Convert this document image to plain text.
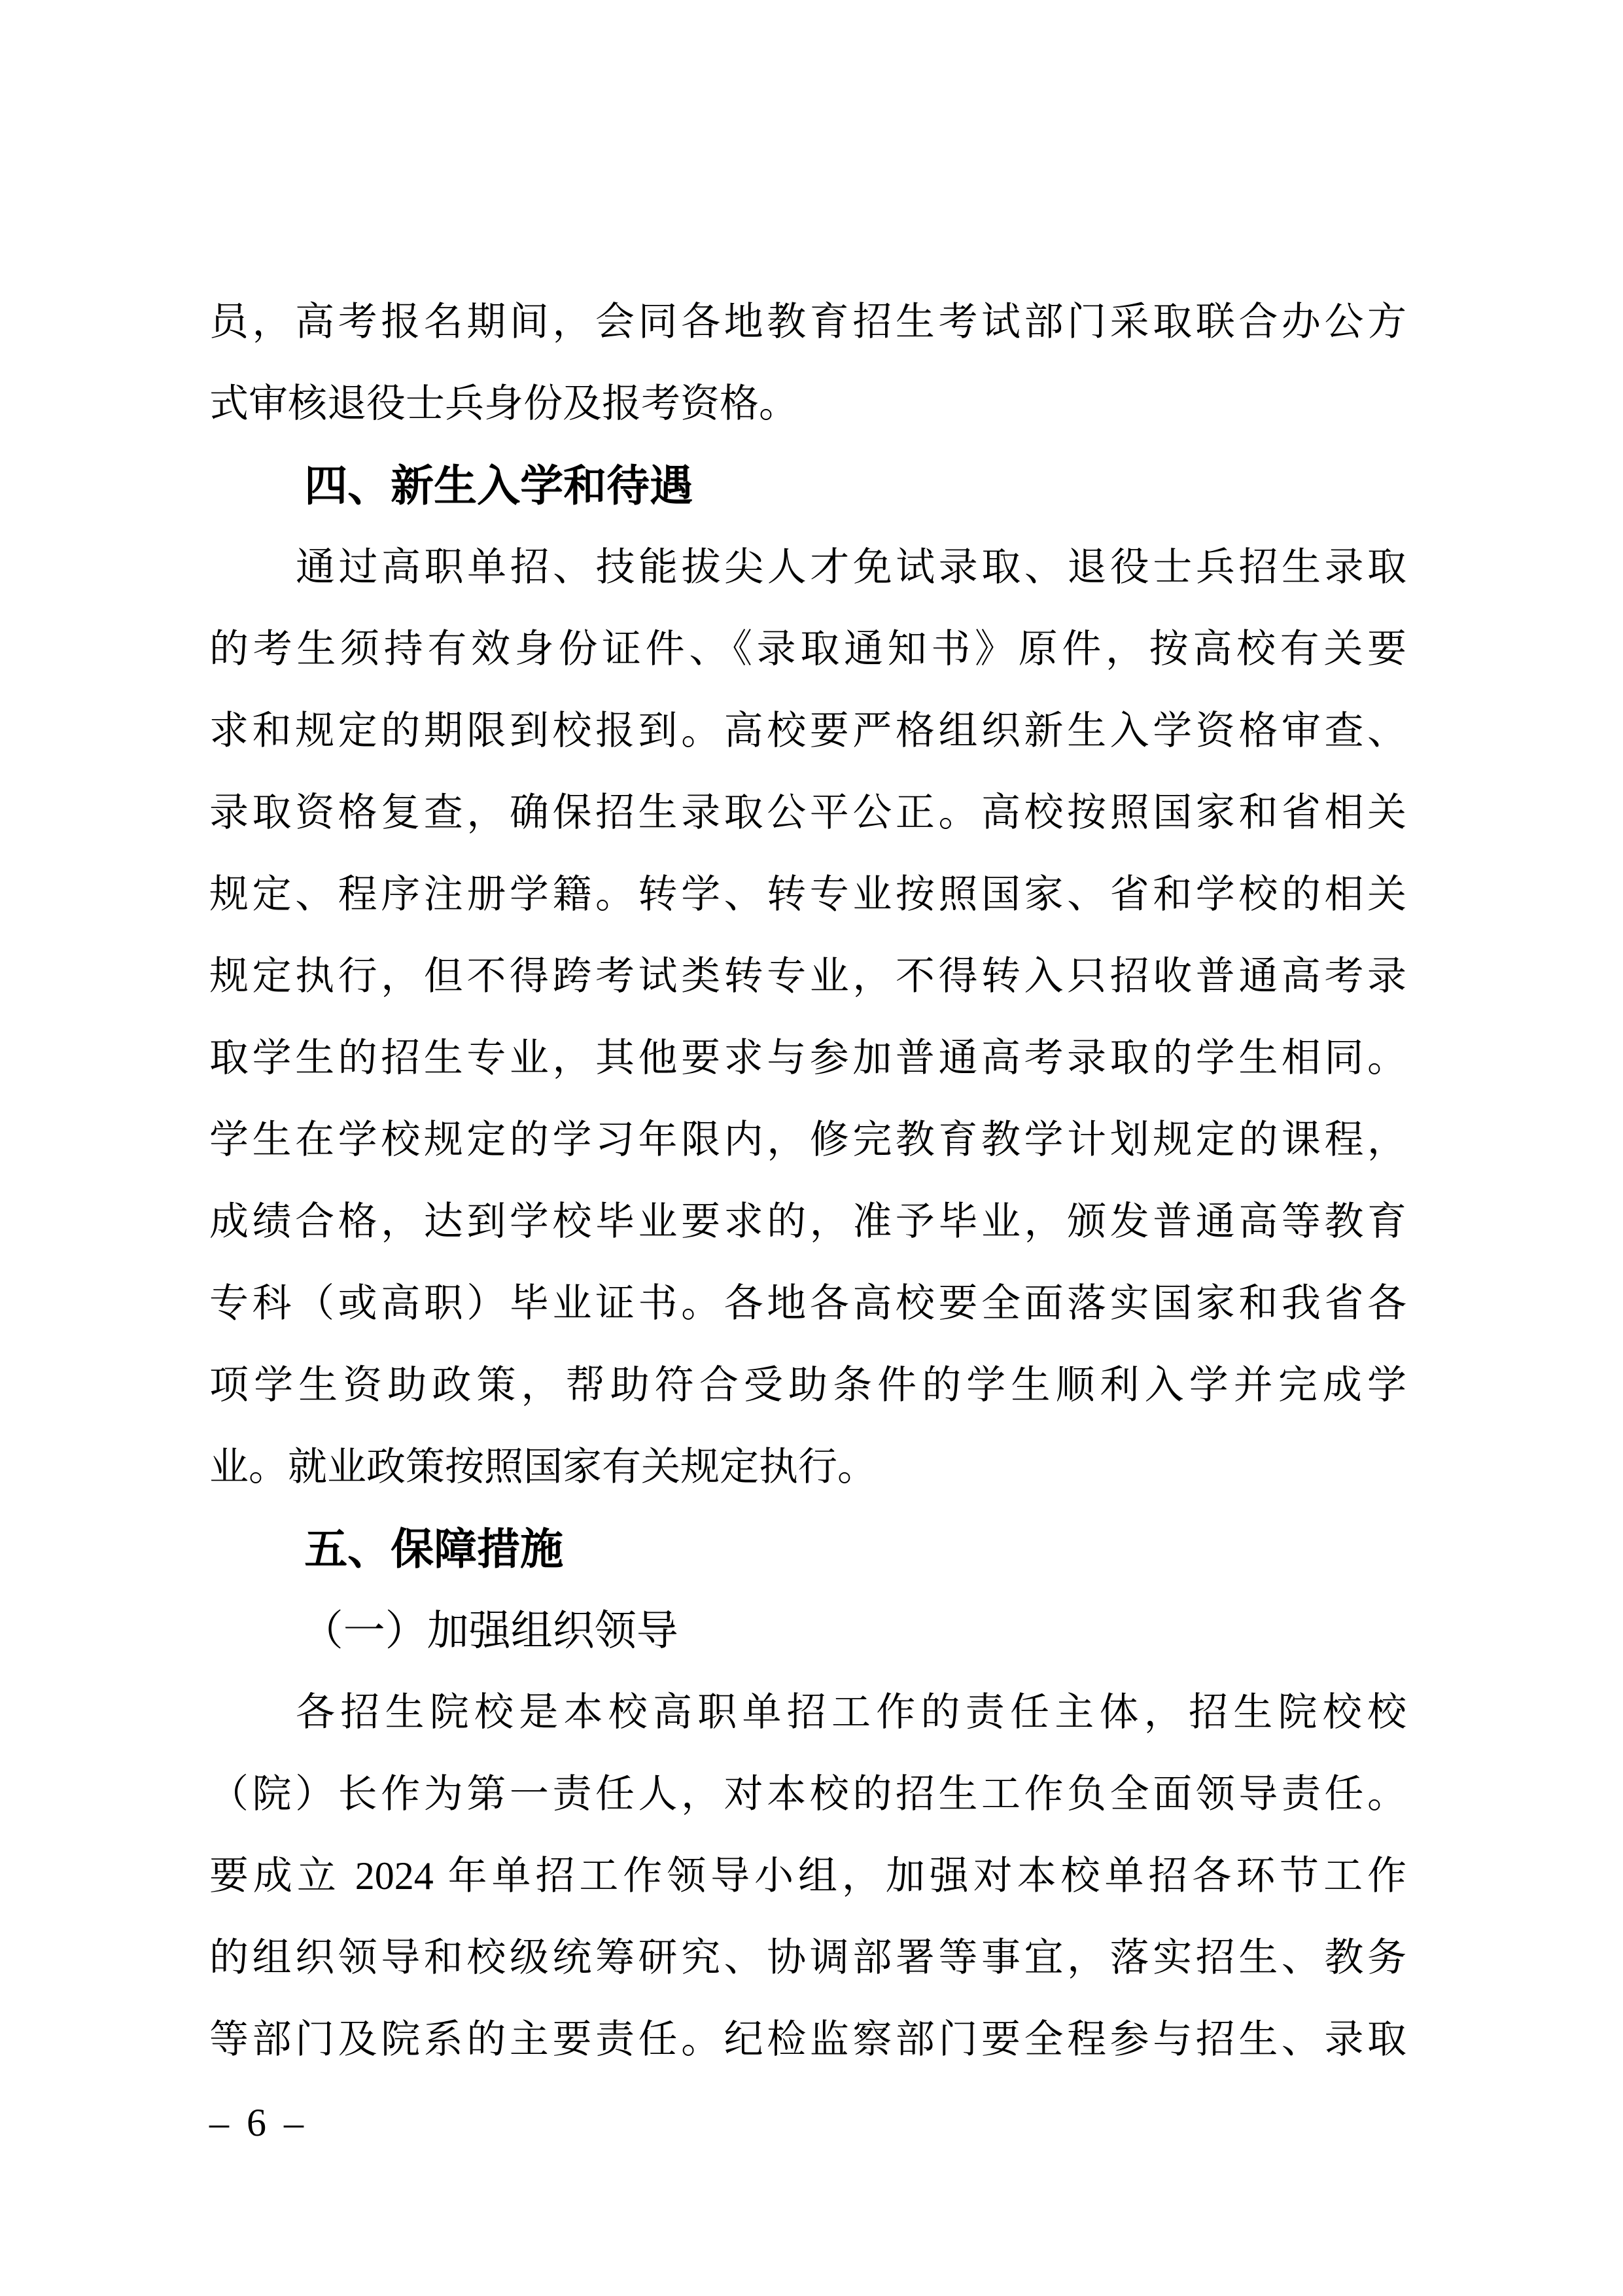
员，高考报名期间，会同各地教育招生考试部门采取联合办公方
式审核退役士兵身份及报考资格。
四、新生入学和待遇
通过高职单招、技能拔尖人才免试录取、退役士兵招生录取
的考生须持有效身份证件、《录取通知书》原件，按高校有关要
求和规定的期限到校报到。高校要严格组织新生入学资格审查、
录取资格复查，确保招生录取公平公正。高校按照国家和省相关
规定、程序注册学籍。转学、转专业按照国家、省和学校的相关
规定执行，但不得跨考试类转专业，不得转入只招收普通高考录
取学生的招生专业，其他要求与参加普通高考录取的学生相同。
学生在学校规定的学习年限内，修完教育教学计划规定的课程，
成绩合格，达到学校毕业要求的，准予毕业，颁发普通高等教育
专科（或高职）毕业证书。各地各高校要全面落实国家和我省各
项学生资助政策，帮助符合受助条件的学生顺利入学并完成学
业。就业政策按照国家有关规定执行。
五、保障措施
（一）加强组织领导
各招生院校是本校高职单招工作的责任主体，招生院校校
（院）长作为第一责任人，对本校的招生工作负全面领导责任。
要成立 2024 年单招工作领导小组，加强对本校单招各环节工作
的组织领导和校级统筹研究、协调部署等事宜，落实招生、教务
等部门及院系的主要责任。纪检监察部门要全程参与招生、录取
– 6 –
